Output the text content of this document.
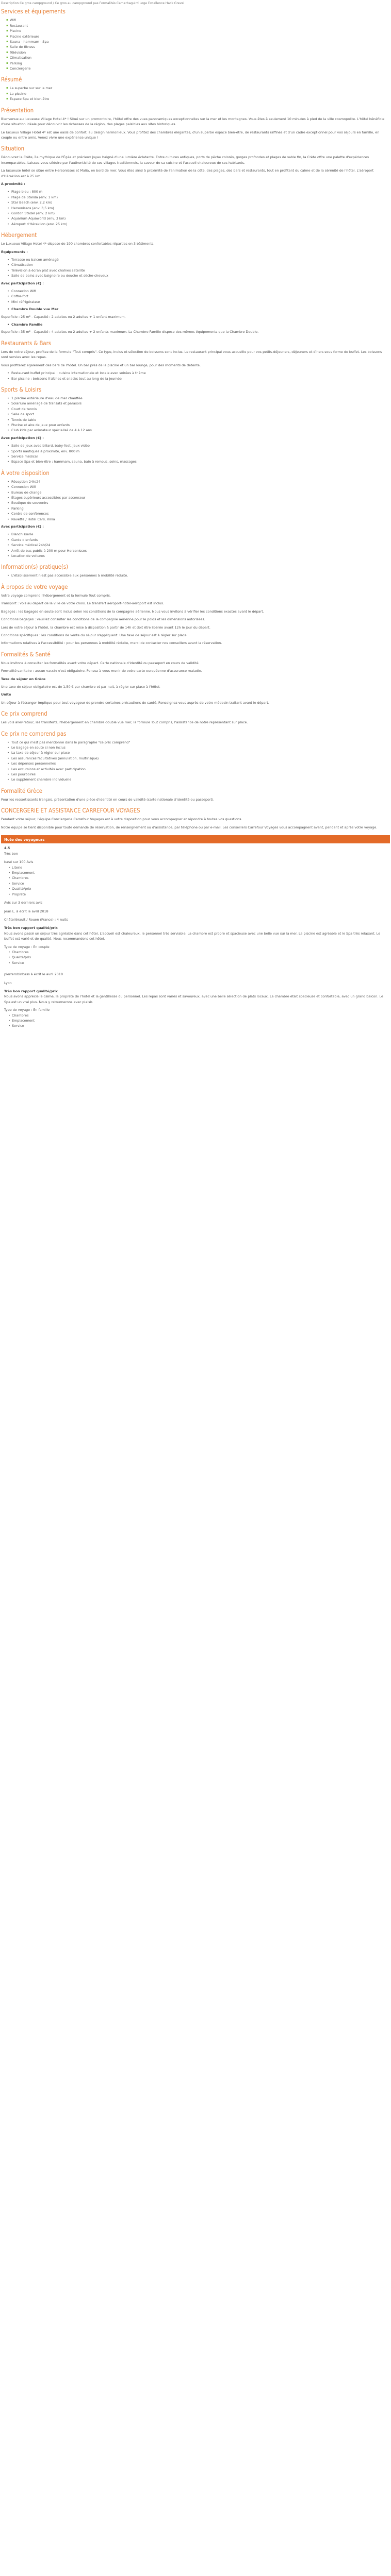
Description Ce gros campground / Ce gros au campground pas Formalités Camerbaguird Loge Excellence Hack Grevel
Services et équipements
▪ Wifi
▪ Restaurant
▪ Piscine
▪ Piscine extérieure
▪ Sauna - hammam - Spa
▪ Salle de fitness
▪ Télévision
▪ Climatisation
▪ Parking
▪ Conciergerie
Résumé
▪ La superbe sur sur la mer
▪ La piscine
▪ Espace Spa et bien-être
Présentation

Bienvenue au luxueuse Village Hotel 4* ! Situé sur un promontoire, l'hôtel offre des vues panoramiques exceptionnelles sur la mer et les montagnes. Vous êtes à seulement 10 minutes à pied de la ville cosmopolite. L'hôtel bénéficie d'une situation idéale pour découvrir les richesses de la région, des plages paisibles aux sites historiques.

Le luxueux Village Hotel 4* est une oasis de confort, au design harmonieux. Vous profitez des chambres élégantes, d'un superbe espace bien-être, de restaurants raffinés et d'un cadre exceptionnel pour vos séjours en famille, en couple ou entre amis. Venez vivre une expérience unique !

Situation

Découvrez la Crète, île mythique de l'Égée et précieux joyau baigné d'une lumière éclatante. Entre cultures antiques, ports de pêche colorés, gorges profondes et plages de sable fin, la Crète offre une palette d'expériences incomparables. Laissez-vous séduire par l'authenticité de ses villages traditionnels, la saveur de sa cuisine et l'accueil chaleureux de ses habitants.

La luxueuse hôtel se situe entre Hersonissos et Malia, en bord de mer. Vous êtes ainsi à proximité de l'animation de la côte, des plages, des bars et restaurants, tout en profitant du calme et de la sérénité de l'hôtel. L'aéroport d'Héraklion est à 25 km.

À proximité :

• Plage bleu : 800 m
• Plage de Stalida (env. 1 km)
• Star Beach (env. 2,2 km)
• Hersonissos (env. 3,5 km)
• Gordon Stadel (env. 2 km)
• Aquarium Aquaworld (env. 3 km)
• Aéroport d'Héraklion (env. 25 km)
Hébergement

Le Luxueux Village Hotel 4* dispose de 190 chambres confortables réparties en 3 bâtiments.

Équipements :

• Terrasse ou balcon aménagé
• Climatisation
• Télévision à écran plat avec chaînes satellite
• Salle de bains avec baignoire ou douche et sèche-cheveux

Avec participation (€) :

• Connexion Wifi
• Coffre-fort
• Mini réfrigérateur
• Chambre Double vue Mer

Superficie : 25 m² - Capacité : 2 adultes ou 2 adultes + 1 enfant maximum.

• Chambre Famille

Superficie : 35 m² - Capacité : 4 adultes ou 2 adultes + 2 enfants maximum. La Chambre Famille dispose des mêmes équipements que la Chambre Double.

Restaurants & Bars

Lors de votre séjour, profitez de la formule "Tout compris". Ce type, inclus et sélection de boissons sont inclus. Le restaurant principal vous accueille pour vos petits-déjeuners, déjeuners et dîners sous forme de buffet. Les boissons sont servies avec les repas.

Vous profiterez également des bars de l'hôtel. Un bar près de la piscine et un bar lounge, pour des moments de détente.

• Restaurant buffet principal : cuisine internationale et locale avec soirées à thème
• Bar piscine : boissons fraîches et snacks tout au long de la journée
Sports & Loisirs
• 1 piscine extérieure d'eau de mer chauffée
• Solarium aménagé de transats et parasols
• Court de tennis
• Salle de sport
• Tennis de table
• Piscine et aire de jeux pour enfants
• Club kids par animateur spécialisé de 4 à 12 ans

Avec participation (€) :

• Salle de jeux avec billard, baby-foot, jeux vidéo
• Sports nautiques à proximité, env. 800 m
• Service médical
• Espace Spa et bien-être : hammam, sauna, bain à remous, soins, massages
À votre disposition
• Réception 24h/24
• Connexion Wifi
• Bureau de change
• Étages supérieurs accessibles par ascenseur
• Boutique de souvenirs
• Parking
• Centre de conférences
• Navette / Hotel Cars, Vinia

Avec participation (€) :

• Blanchisserie
• Garde d'enfants
• Service médical 24h/24
• Arrêt de bus public à 200 m pour Hersonissos
• Location de voitures
Information(s) pratique(s)
• L'établissement n'est pas accessible aux personnes à mobilité réduite.
À propos de votre voyage

Votre voyage comprend l'hébergement et la formule Tout compris.

Transport : vols au départ de la ville de votre choix. Le transfert aéroport-hôtel-aéroport est inclus.

Bagages : les bagages en soute sont inclus selon les conditions de la compagnie aérienne. Nous vous invitons à vérifier les conditions exactes avant le départ.

Conditions bagages : veuillez consulter les conditions de la compagnie aérienne pour le poids et les dimensions autorisées.

Lors de votre séjour à l'hôtel, la chambre est mise à disposition à partir de 14h et doit être libérée avant 12h le jour du départ.

Conditions spécifiques : les conditions de vente du séjour s'appliquent. Une taxe de séjour est à régler sur place.

Informations relatives à l'accessibilité : pour les personnes à mobilité réduite, merci de contacter nos conseillers avant la réservation.

Formalités & Santé

Nous invitons à consulter les formalités avant votre départ. Carte nationale d'identité ou passeport en cours de validité.

Formalité sanitaire : aucun vaccin n'est obligatoire. Pensez à vous munir de votre carte européenne d'assurance maladie.

Taxe de séjour en Grèce

Une taxe de séjour obligatoire est de 1,50 € par chambre et par nuit, à régler sur place à l'hôtel.

Unité

Un séjour à l'étranger implique pour tout voyageur de prendre certaines précautions de santé. Renseignez-vous auprès de votre médecin traitant avant le départ.

Ce prix comprend

Les vols aller-retour, les transferts, l'hébergement en chambre double vue mer, la formule Tout compris, l'assistance de notre représentant sur place.

Ce prix ne comprend pas
• Tout ce qui n'est pas mentionné dans le paragraphe "ce prix comprend"
• Le bagage en soute si non inclus
• La taxe de séjour à régler sur place
• Les assurances facultatives (annulation, multirisque)
• Les dépenses personnelles
• Les excursions et activités avec participation
• Les pourboires
• Le supplément chambre individuelle
Formalité Grèce

Pour les ressortissants français, présentation d'une pièce d'identité en cours de validité (carte nationale d'identité ou passeport).

CONCERGERIE ET ASSISTANCE CARREFOUR VOYAGES

Pendant votre séjour, l'équipe Conciergerie Carrefour Voyages est à votre disposition pour vous accompagner et répondre à toutes vos questions.

Notre équipe se tient disponible pour toute demande de réservation, de renseignement ou d'assistance, par téléphone ou par e-mail. Les conseillers Carrefour Voyages vous accompagnent avant, pendant et après votre voyage.

Note des voyageurs
4.5
Très bon
basé sur 100 Avis
• Literie
• Emplacement
• Chambres
• Service
• Qualité/prix
• Propreté
Avis sur 3 derniers avis
Jean L. à écrit le avril 2018
Châtellérault / Rouen (France) : 4 nuits
Très bon rapport qualité/prix

Nous avons passé un séjour très agréable dans cet hôtel. L'accueil est chaleureux, le personnel très serviable. La chambre est propre et spacieuse avec une belle vue sur la mer. La piscine est agréable et le Spa très relaxant. Le buffet est varié et de qualité. Nous recommandons cet hôtel.

Type de voyage : En couple
• Chambres
• Qualité/prix
• Service
pierrerobinbass à écrit le avril 2018
Lyon
Très bon rapport qualité/prix

Nous avons apprécié le calme, la propreté de l'hôtel et la gentillesse du personnel. Les repas sont variés et savoureux, avec une belle sélection de plats locaux. La chambre était spacieuse et confortable, avec un grand balcon. Le Spa est un vrai plus. Nous y retournerons avec plaisir.

Type de voyage : En famille
• Chambres
• Emplacement
• Service
